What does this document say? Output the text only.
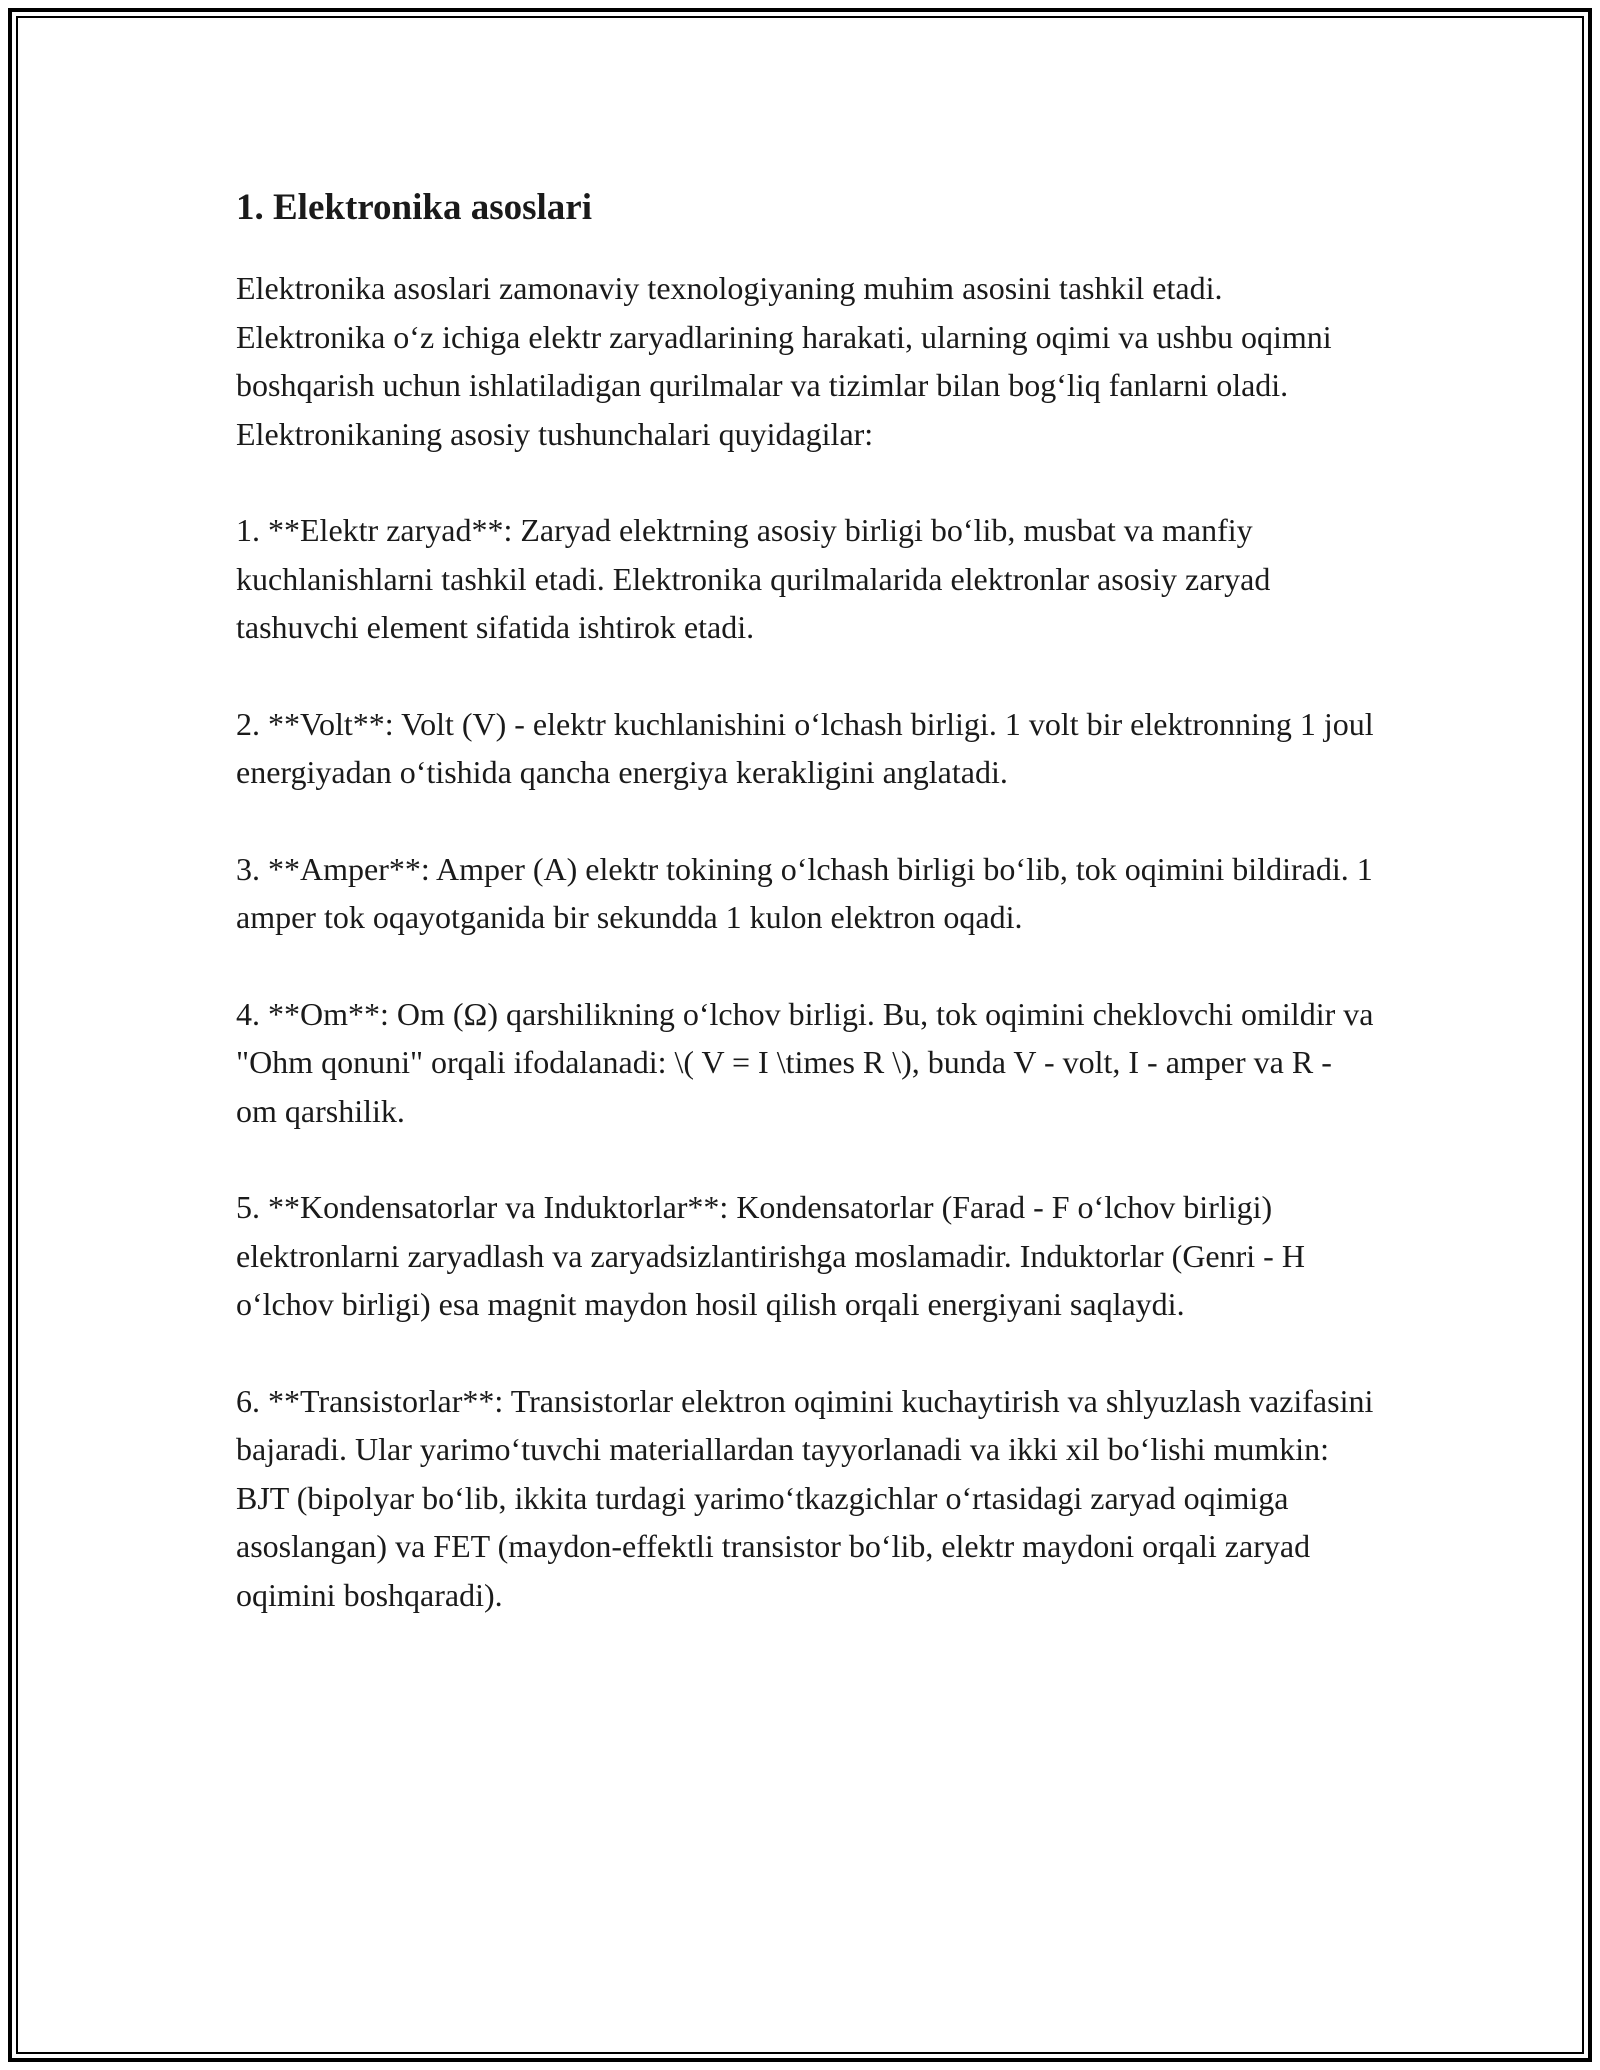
1. Elektronika asoslari

Elektronika asoslari zamonaviy texnologiyaning muhim asosini tashkil etadi. Elektronika o‘z ichiga elektr zaryadlarining harakati, ularning oqimi va ushbu oqimni boshqarish uchun ishlatiladigan qurilmalar va tizimlar bilan bog‘liq fanlarni oladi. Elektronikaning asosiy tushunchalari quyidagilar:

1. **Elektr zaryad**: Zaryad elektrning asosiy birligi bo‘lib, musbat va manfiy kuchlanishlarni tashkil etadi. Elektronika qurilmalarida elektronlar asosiy zaryad tashuvchi element sifatida ishtirok etadi.

2. **Volt**: Volt (V) - elektr kuchlanishini o‘lchash birligi. 1 volt bir elektronning 1 joul energiyadan o‘tishida qancha energiya kerakligini anglatadi.

3. **Amper**: Amper (A) elektr tokining o‘lchash birligi bo‘lib, tok oqimini bildiradi. 1 amper tok oqayotganida bir sekundda 1 kulon elektron oqadi.

4. **Om**: Om (Ω) qarshilikning o‘lchov birligi. Bu, tok oqimini cheklovchi omildir va "Ohm qonuni" orqali ifodalanadi: \( V = I \times R \), bunda V - volt, I - amper va R - om qarshilik.

5. **Kondensatorlar va Induktorlar**: Kondensatorlar (Farad - F o‘lchov birligi) elektronlarni zaryadlash va zaryadsizlantirishga moslamadir. Induktorlar (Genri - H o‘lchov birligi) esa magnit maydon hosil qilish orqali energiyani saqlaydi.

6. **Transistorlar**: Transistorlar elektron oqimini kuchaytirish va shlyuzlash vazifasini bajaradi. Ular yarimo‘tuvchi materiallardan tayyorlanadi va ikki xil bo‘lishi mumkin: BJT (bipolyar bo‘lib, ikkita turdagi yarimo‘tkazgichlar o‘rtasidagi zaryad oqimiga asoslangan) va FET (maydon-effektli transistor bo‘lib, elektr maydoni orqali zaryad oqimini boshqaradi).
